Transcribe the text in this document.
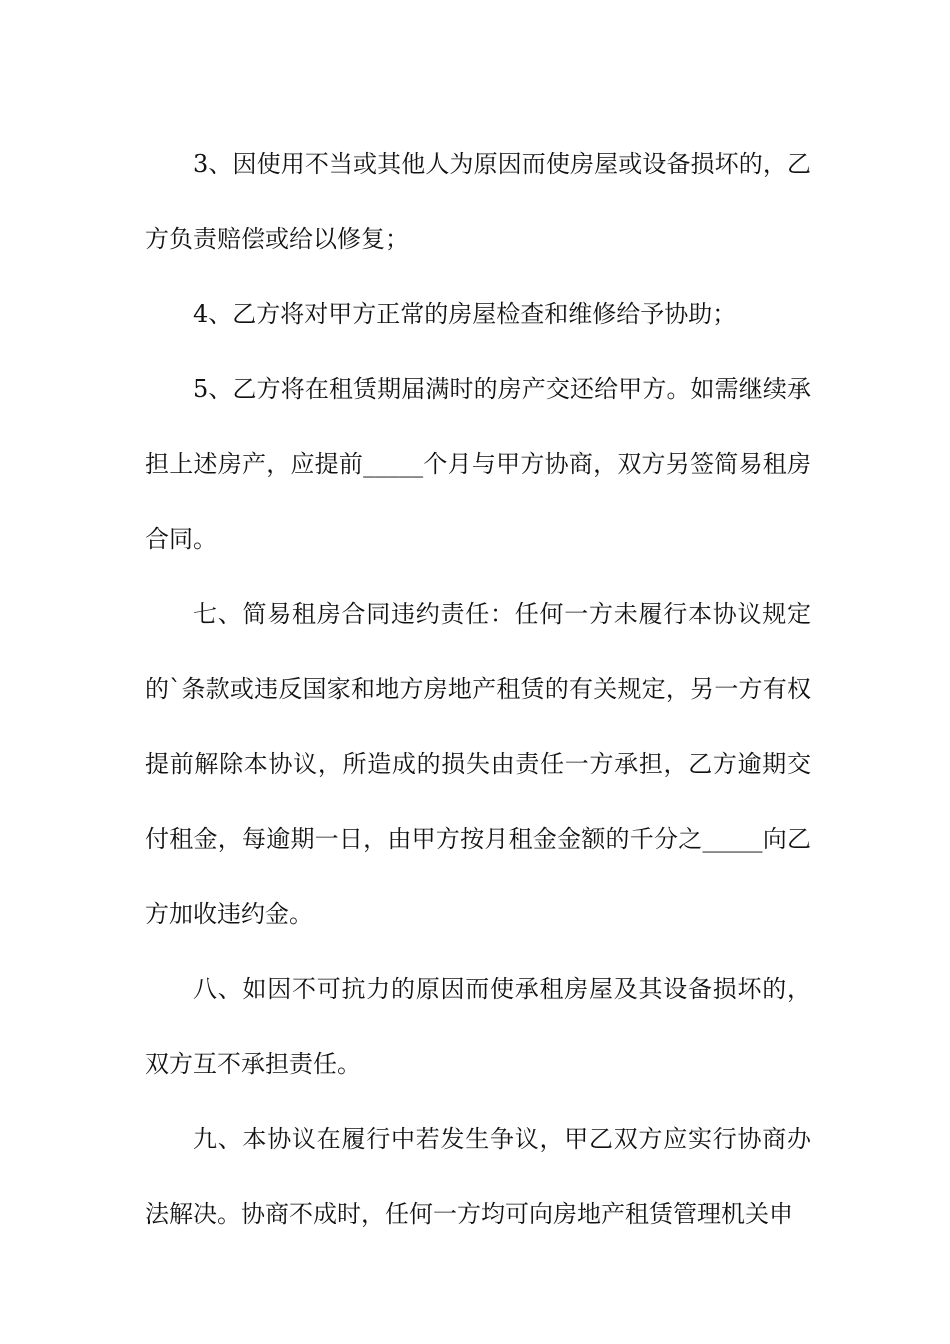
3、因使用不当或其他人为原因而使房屋或设备损坏的，乙方负责赔偿或给以修复；

4、乙方将对甲方正常的房屋检查和维修给予协助；

5、乙方将在租赁期届满时的房产交还给甲方。如需继续承担上述房产，应提前_____个月与甲方协商，双方另签简易租房合同。

七、简易租房合同违约责任：任何一方未履行本协议规定的`条款或违反国家和地方房地产租赁的有关规定，另一方有权提前解除本协议，所造成的损失由责任一方承担，乙方逾期交付租金，每逾期一日，由甲方按月租金金额的千分之_____向乙方加收违约金。

八、如因不可抗力的原因而使承租房屋及其设备损坏的，双方互不承担责任。

九、本协议在履行中若发生争议，甲乙双方应实行协商办法解决。协商不成时，任何一方均可向房地产租赁管理机关申
